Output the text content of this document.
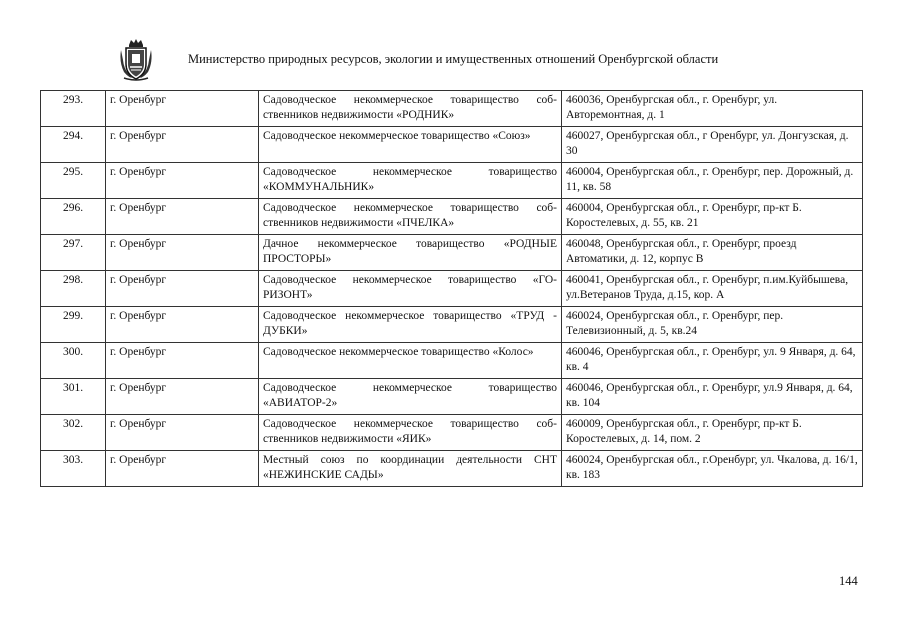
Министерство природных ресурсов, экологии и имущественных отношений Оренбургской области
293.	г. Оренбург	Садоводческое некоммерческое товарищество собственников недвижимости «РОДНИК»	460036, Оренбургская обл., г. Оренбург, ул. Авторемонтная, д. 1
294.	г. Оренбург	Садоводческое некоммерческое товарищество «Союз»	460027, Оренбургская обл., г Оренбург, ул. Донгузская, д. 30
295.	г. Оренбург	Садоводческое некоммерческое товарищество «КОММУНАЛЬНИК»	460004, Оренбургская обл., г. Оренбург, пер. Дорожный, д. 11, кв. 58
296.	г. Оренбург	Садоводческое некоммерческое товарищество собственников недвижимости «ПЧЕЛКА»	460004, Оренбургская обл., г. Оренбург, пр-кт Б. Коростелевых, д. 55, кв. 21
297.	г. Оренбург	Дачное некоммерческое товарищество «РОДНЫЕ ПРОСТОРЫ»	460048, Оренбургская обл., г. Оренбург, проезд Автоматики, д. 12, корпус В
298.	г. Оренбург	Садоводческое некоммерческое товарищество «ГОРИЗОНТ»	460041, Оренбургская обл., г. Оренбург, п.им.Куйбышева, ул.Ветеранов Труда, д.15, кор. А
299.	г. Оренбург	Садоводческое некоммерческое товарищество «ТРУД - ДУБКИ»	460024, Оренбургская обл., г. Оренбург, пер. Телевизионный, д. 5, кв.24
300.	г. Оренбург	Садоводческое некоммерческое товарищество «Колос»	460046, Оренбургская обл., г. Оренбург, ул. 9 Января, д. 64, кв. 4
301.	г. Оренбург	Садоводческое некоммерческое товарищество «АВИАТОР-2»	460046, Оренбургская обл., г. Оренбург, ул.9 Января, д. 64, кв. 104
302.	г. Оренбург	Садоводческое некоммерческое товарищество собственников недвижимости «ЯИК»	460009, Оренбургская обл., г. Оренбург, пр-кт Б. Коростелевых, д. 14, пом. 2
303.	г. Оренбург	Местный союз по координации деятельности СНТ «НЕЖИНСКИЕ САДЫ»	460024, Оренбургская обл., г.Оренбург, ул. Чкалова, д. 16/1, кв. 183
144
